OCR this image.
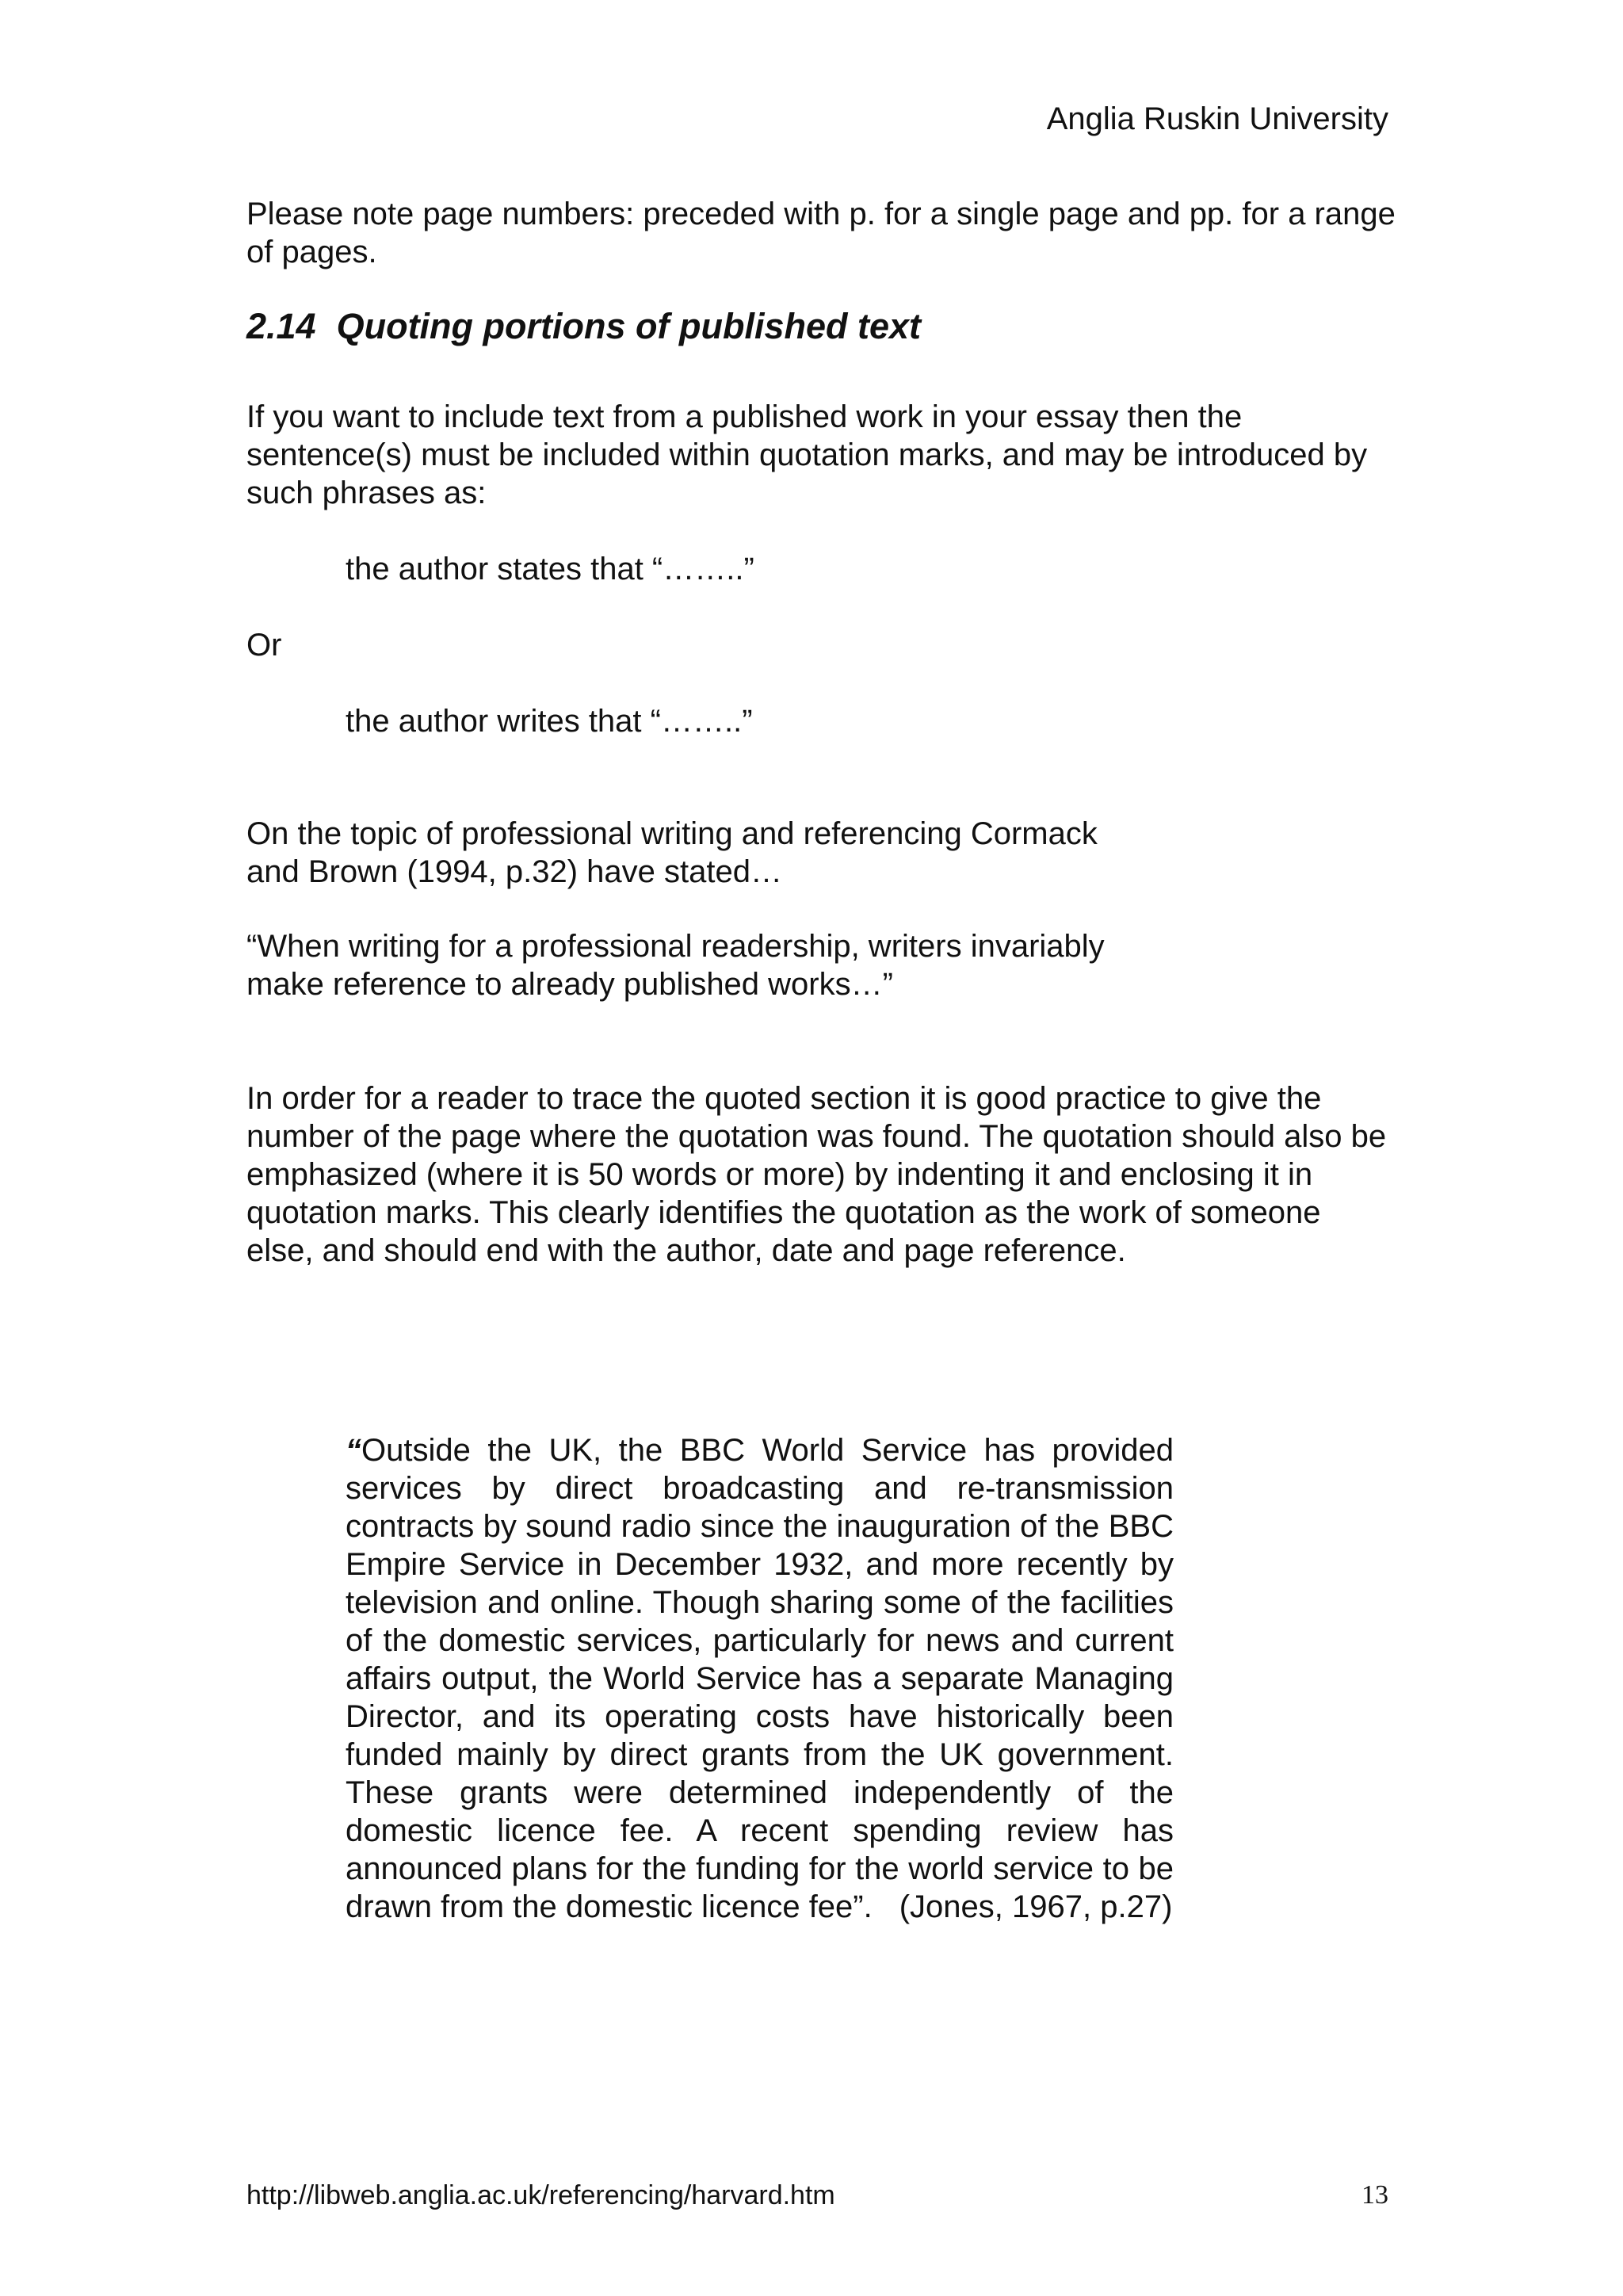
Anglia Ruskin University

Please note page numbers: preceded with p. for a single page and pp. for a range of pages.

2.14 Quoting portions of published text

If you want to include text from a published work in your essay then the sentence(s) must be included within quotation marks, and may be introduced by such phrases as:

the author states that “……..”

Or

the author writes that “……..”

On the topic of professional writing and referencing Cormack and Brown (1994, p.32) have stated…

“When writing for a professional readership, writers invariably make reference to already published works…”

In order for a reader to trace the quoted section it is good practice to give the number of the page where the quotation was found. The quotation should also be emphasized (where it is 50 words or more) by indenting it and enclosing it in quotation marks. This clearly identifies the quotation as the work of someone else, and should end with the author, date and page reference.

“Outside the UK, the BBC World Service has provided services by direct broadcasting and re-transmission contracts by sound radio since the inauguration of the BBC Empire Service in December 1932, and more recently by television and online. Though sharing some of the facilities of the domestic services, particularly for news and current affairs output, the World Service has a separate Managing Director, and its operating costs have historically been funded mainly by direct grants from the UK government. These grants were determined independently of the domestic licence fee. A recent spending review has announced plans for the funding for the world service to be drawn from the domestic licence fee”. (Jones, 1967, p.27)
http://libweb.anglia.ac.uk/referencing/harvard.htm	13
